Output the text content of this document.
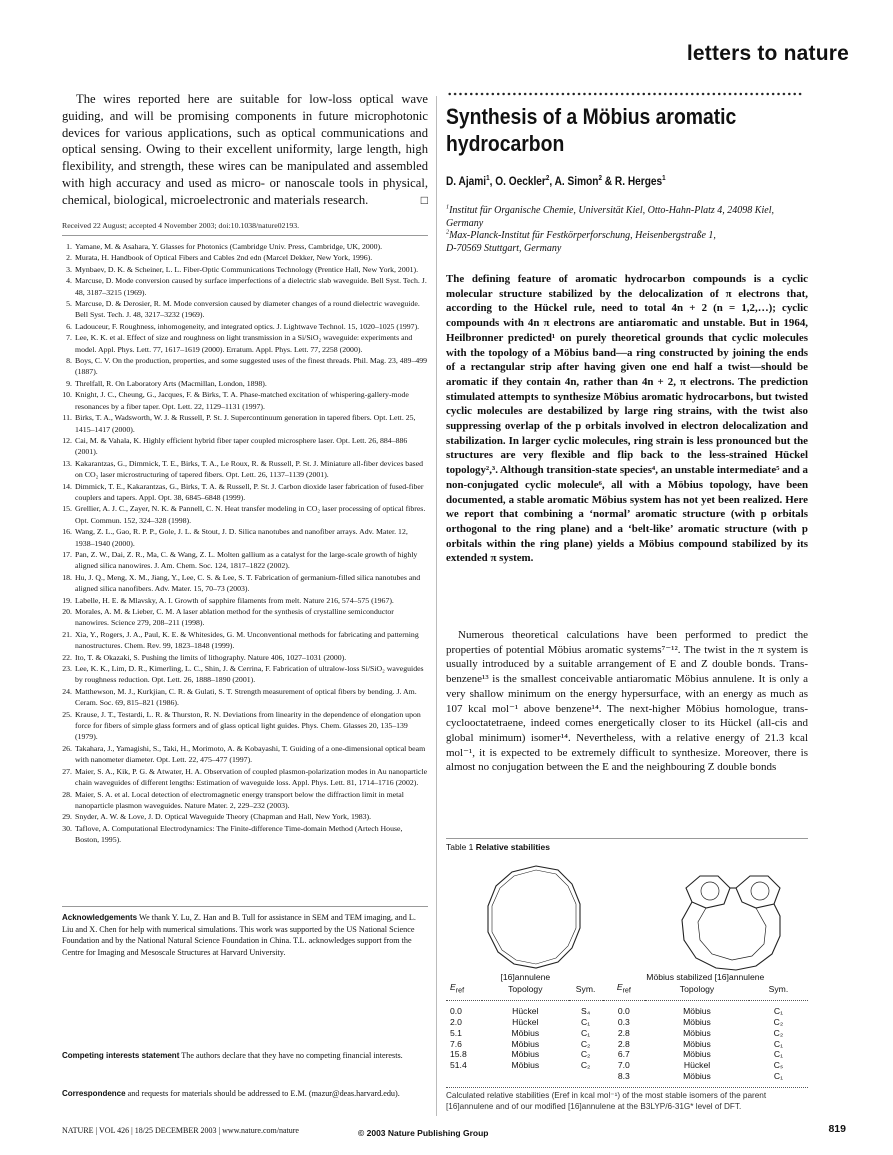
letters to nature
The wires reported here are suitable for low-loss optical wave guiding, and will be promising components in future microphotonic devices for various applications, such as optical communications and optical sensing. Owing to their excellent uniformity, large length, high flexibility, and strength, these wires can be manipulated and assembled with high accuracy and used as micro- or nanoscale tools in physical, chemical, biological, microelectronic and materials research.	□
Received 22 August; accepted 4 November 2003; doi:10.1038/nature02193.
1. Yamane, M. & Asahara, Y. Glasses for Photonics (Cambridge Univ. Press, Cambridge, UK, 2000).
2. Murata, H. Handbook of Optical Fibers and Cables 2nd edn (Marcel Dekker, New York, 1996).
3. Mynbaev, D. K. & Scheiner, L. L. Fiber-Optic Communications Technology (Prentice Hall, New York, 2001).
4. Marcuse, D. Mode conversion caused by surface imperfections of a dielectric slab waveguide. Bell Syst. Tech. J. 48, 3187–3215 (1969).
5. Marcuse, D. & Derosier, R. M. Mode conversion caused by diameter changes of a round dielectric waveguide. Bell Syst. Tech. J. 48, 3217–3232 (1969).
6. Ladouceur, F. Roughness, inhomogeneity, and integrated optics. J. Lightwave Technol. 15, 1020–1025 (1997).
7. Lee, K. K. et al. Effect of size and roughness on light transmission in a Si/SiO₂ waveguide: experiments and model. Appl. Phys. Lett. 77, 1617–1619 (2000). Erratum. Appl. Phys. Lett. 77, 2258 (2000).
8. Boys, C. V. On the production, properties, and some suggested uses of the finest threads. Phil. Mag. 23, 489–499 (1887).
9. Threlfall, R. On Laboratory Arts (Macmillan, London, 1898).
10. Knight, J. C., Cheung, G., Jacques, F. & Birks, T. A. Phase-matched excitation of whispering-gallery-mode resonances by a fiber taper. Opt. Lett. 22, 1129–1131 (1997).
11. Birks, T. A., Wadsworth, W. J. & Russell, P. St. J. Supercontinuum generation in tapered fibers. Opt. Lett. 25, 1415–1417 (2000).
12. Cai, M. & Vahala, K. Highly efficient hybrid fiber taper coupled microsphere laser. Opt. Lett. 26, 884–886 (2001).
13. Kakarantzas, G., Dimmick, T. E., Birks, T. A., Le Roux, R. & Russell, P. St. J. Miniature all-fiber devices based on CO₂ laser microstructuring of tapered fibers. Opt. Lett. 26, 1137–1139 (2001).
14. Dimmick, T. E., Kakarantzas, G., Birks, T. A. & Russell, P. St. J. Carbon dioxide laser fabrication of fused-fiber couplers and tapers. Appl. Opt. 38, 6845–6848 (1999).
15. Grellier, A. J. C., Zayer, N. K. & Pannell, C. N. Heat transfer modeling in CO₂ laser processing of optical fibres. Opt. Commun. 152, 324–328 (1998).
16. Wang, Z. L., Gao, R. P. P., Gole, J. L. & Stout, J. D. Silica nanotubes and nanofiber arrays. Adv. Mater. 12, 1938–1940 (2000).
17. Pan, Z. W., Dai, Z. R., Ma, C. & Wang, Z. L. Molten gallium as a catalyst for the large-scale growth of highly aligned silica nanowires. J. Am. Chem. Soc. 124, 1817–1822 (2002).
18. Hu, J. Q., Meng, X. M., Jiang, Y., Lee, C. S. & Lee, S. T. Fabrication of germanium-filled silica nanotubes and aligned silica nanofibers. Adv. Mater. 15, 70–73 (2003).
19. Labelle, H. E. & Mlavsky, A. I. Growth of sapphire filaments from melt. Nature 216, 574–575 (1967).
20. Morales, A. M. & Lieber, C. M. A laser ablation method for the synthesis of crystalline semiconductor nanowires. Science 279, 208–211 (1998).
21. Xia, Y., Rogers, J. A., Paul, K. E. & Whitesides, G. M. Unconventional methods for fabricating and patterning nanostructures. Chem. Rev. 99, 1823–1848 (1999).
22. Ito, T. & Okazaki, S. Pushing the limits of lithography. Nature 406, 1027–1031 (2000).
23. Lee, K. K., Lim, D. R., Kimerling, L. C., Shin, J. & Cerrina, F. Fabrication of ultralow-loss Si/SiO₂ waveguides by roughness reduction. Opt. Lett. 26, 1888–1890 (2001).
24. Matthewson, M. J., Kurkjian, C. R. & Gulati, S. T. Strength measurement of optical fibers by bending. J. Am. Ceram. Soc. 69, 815–821 (1986).
25. Krause, J. T., Testardi, L. R. & Thurston, R. N. Deviations from linearity in the dependence of elongation upon force for fibers of simple glass formers and of glass optical light guides. Phys. Chem. Glasses 20, 135–139 (1979).
26. Takahara, J., Yamagishi, S., Taki, H., Morimoto, A. & Kobayashi, T. Guiding of a one-dimensional optical beam with nanometer diameter. Opt. Lett. 22, 475–477 (1997).
27. Maier, S. A., Kik, P. G. & Atwater, H. A. Observation of coupled plasmon-polarization modes in Au nanoparticle chain waveguides of different lengths: Estimation of waveguide loss. Appl. Phys. Lett. 81, 1714–1716 (2002).
28. Maier, S. A. et al. Local detection of electromagnetic energy transport below the diffraction limit in metal nanoparticle plasmon waveguides. Nature Mater. 2, 229–232 (2003).
29. Snyder, A. W. & Love, J. D. Optical Waveguide Theory (Chapman and Hall, New York, 1983).
30. Taflove, A. Computational Electrodynamics: The Finite-difference Time-domain Method (Artech House, Boston, 1995).
Acknowledgements We thank Y. Lu, Z. Han and B. Tull for assistance in SEM and TEM imaging, and L. Liu and X. Chen for help with numerical simulations. This work was supported by the US National Science Foundation and by the National Natural Science Foundation in China. T.L. acknowledges support from the Centre for Imaging and Mesoscale Structures at Harvard University.
Competing interests statement The authors declare that they have no competing financial interests.
Correspondence and requests for materials should be addressed to E.M. (mazur@deas.harvard.edu).
Synthesis of a Möbius aromatic hydrocarbon
D. Ajami$^1$, O. Oeckler$^2$, A. Simon$^2$ & R. Herges$^1$
$^1$Institut für Organische Chemie, Universität Kiel, Otto-Hahn-Platz 4, 24098 Kiel, Germany
$^2$Max-Planck-Institut für Festkörperforschung, Heisenbergstraße 1,
D-70569 Stuttgart, Germany
The defining feature of aromatic hydrocarbon compounds is a cyclic molecular structure stabilized by the delocalization of π electrons that, according to the Hückel rule, need to total 4n + 2 (n = 1,2,…); cyclic compounds with 4n π electrons are antiaromatic and unstable. But in 1964, Heilbronner predicted¹ on purely theoretical grounds that cyclic molecules with the topology of a Möbius band—a ring constructed by joining the ends of a rectangular strip after having given one end half a twist—should be aromatic if they contain 4n, rather than 4n + 2, π electrons. The prediction stimulated attempts to synthesize Möbius aromatic hydrocarbons, but twisted cyclic molecules are destabilized by large ring strains, with the twist also suppressing overlap of the p orbitals involved in electron delocalization and stabilization. In larger cyclic molecules, ring strain is less pronounced but the structures are very flexible and flip back to the less-strained Hückel topology²,³. Although transition-state species⁴, an unstable intermediate⁵ and a non-conjugated cyclic molecule⁶, all with a Möbius topology, have been documented, a stable aromatic Möbius system has not yet been realized. Here we report that combining a ‘normal’ aromatic structure (with p orbitals orthogonal to the ring plane) and a ‘belt-like’ aromatic structure (with p orbitals within the ring plane) yields a Möbius compound stabilized by its extended π system.
Numerous theoretical calculations have been performed to predict the properties of potential Möbius aromatic systems⁷⁻¹². The twist in the π system is usually introduced by a suitable arrangement of E and Z double bonds. Trans-benzene¹³ is the smallest conceivable antiaromatic Möbius annulene. It is only a very shallow minimum on the energy hypersurface, with an energy as much as 107 kcal mol⁻¹ above benzene¹⁴. The next-higher Möbius homologue, trans-cyclooctatetraene, indeed comes energetically closer to its Hückel (all-cis and global minimum) isomer¹⁴. Nevertheless, with a relative energy of 21.3 kcal mol⁻¹, it is expected to be extremely difficult to synthesize. Moreover, there is almost no conjugation between the E and the neighbouring Z double bonds
Table 1 Relative stabilities
	[16]annulene		Möbius stabilized [16]annulene		
$E_{ref}$	Topology	Sym.	$E_{ref}$	Topology	Sym.
0.0	Hückel	S₄	0.0	Möbius	C₁
2.0	Hückel	C₁	0.3	Möbius	C₂
5.1	Möbius	C₁	2.8	Möbius	C₂
7.6	Möbius	C₂	2.8	Möbius	C₁
15.8	Möbius	C₂	6.7	Möbius	C₁
51.4	Möbius	C₂	7.0	Hückel	Cₛ
			8.3	Möbius	C₁
Calculated relative stabilities (Eref in kcal mol⁻¹) of the most stable isomers of the parent [16]annulene and of our modified [16]annulene at the B3LYP/6-31G* level of DFT.
NATURE | VOL 426 | 18/25 DECEMBER 2003 | www.nature.com/nature	© 2003 Nature Publishing Group	819
